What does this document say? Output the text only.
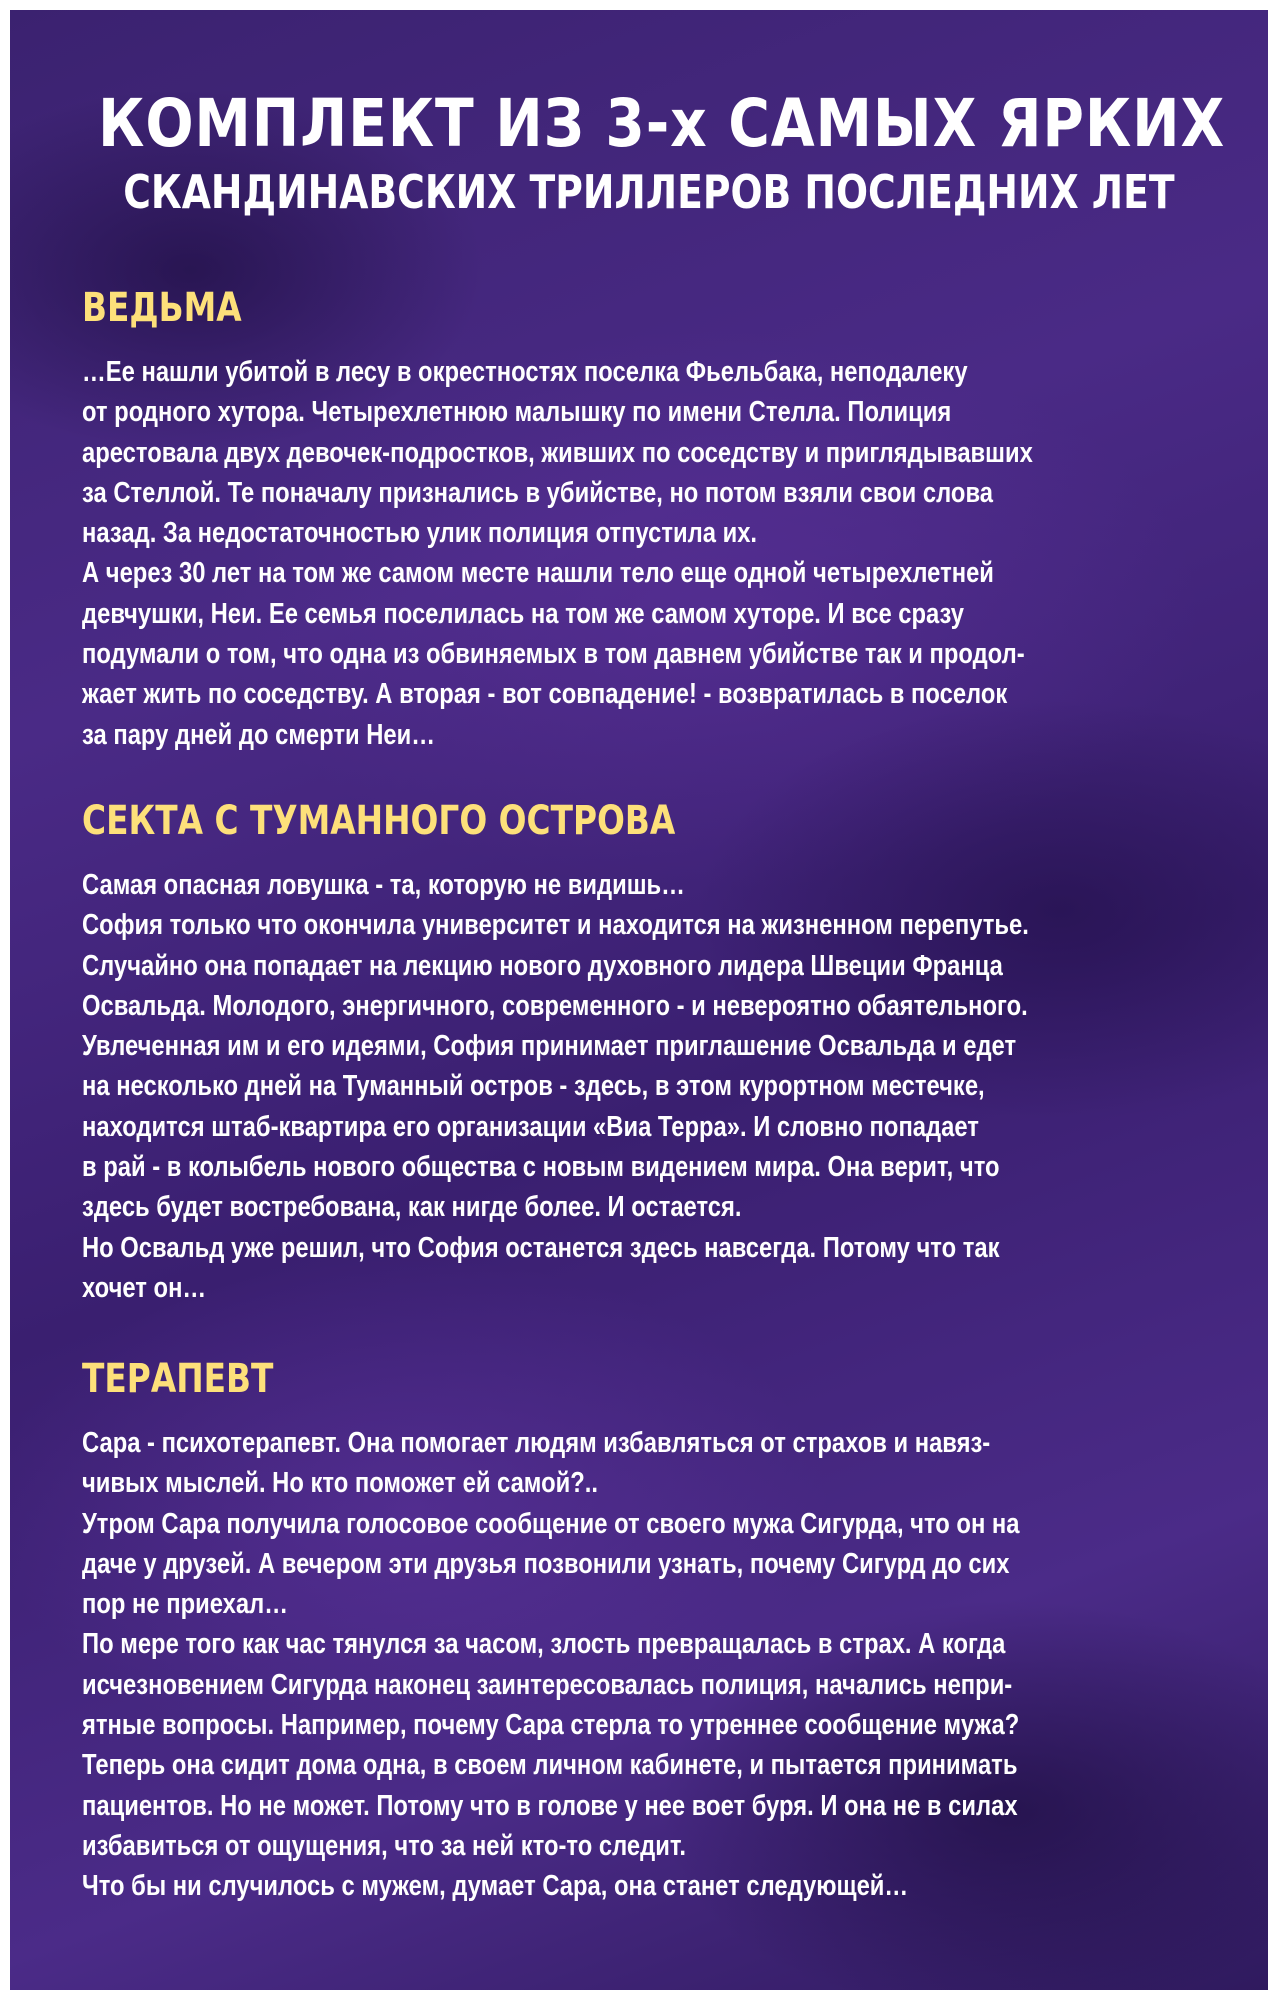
КОМПЛЕКТ ИЗ 3-х САМЫХ ЯРКИХ
СКАНДИНАВСКИХ ТРИЛЛЕРОВ ПОСЛЕДНИХ ЛЕТ
ВЕДЬМА
…Ее нашли убитой в лесу в окрестностях поселка Фьельбака, неподалеку
от родного хутора. Четырехлетнюю малышку по имени Стелла. Полиция
арестовала двух девочек-подростков, живших по соседству и приглядывавших
за Стеллой. Те поначалу признались в убийстве, но потом взяли свои слова
назад. За недостаточностью улик полиция отпустила их.
А через 30 лет на том же самом месте нашли тело еще одной четырехлетней
девчушки, Неи. Ее семья поселилась на том же самом хуторе. И все сразу
подумали о том, что одна из обвиняемых в том давнем убийстве так и продол-
жает жить по соседству. А вторая - вот совпадение! - возвратилась в поселок
за пару дней до смерти Неи…
СЕКТА С ТУМАННОГО ОСТРОВА
Самая опасная ловушка - та, которую не видишь…
София только что окончила университет и находится на жизненном перепутье.
Случайно она попадает на лекцию нового духовного лидера Швеции Франца
Освальда. Молодого, энергичного, современного - и невероятно обаятельного.
Увлеченная им и его идеями, София принимает приглашение Освальда и едет
на несколько дней на Туманный остров - здесь, в этом курортном местечке,
находится штаб-квартира его организации «Виа Терра». И словно попадает
в рай - в колыбель нового общества с новым видением мира. Она верит, что
здесь будет востребована, как нигде более. И остается.
Но Освальд уже решил, что София останется здесь навсегда. Потому что так
хочет он…
ТЕРАПЕВТ
Сара - психотерапевт. Она помогает людям избавляться от страхов и навяз-
чивых мыслей. Но кто поможет ей самой?..
Утром Сара получила голосовое сообщение от своего мужа Сигурда, что он на
даче у друзей. А вечером эти друзья позвонили узнать, почему Сигурд до сих
пор не приехал…
По мере того как час тянулся за часом, злость превращалась в страх. А когда
исчезновением Сигурда наконец заинтересовалась полиция, начались непри-
ятные вопросы. Например, почему Сара стерла то утреннее сообщение мужа?
Теперь она сидит дома одна, в своем личном кабинете, и пытается принимать
пациентов. Но не может. Потому что в голове у нее воет буря. И она не в силах
избавиться от ощущения, что за ней кто-то следит.
Что бы ни случилось с мужем, думает Сара, она станет следующей…
